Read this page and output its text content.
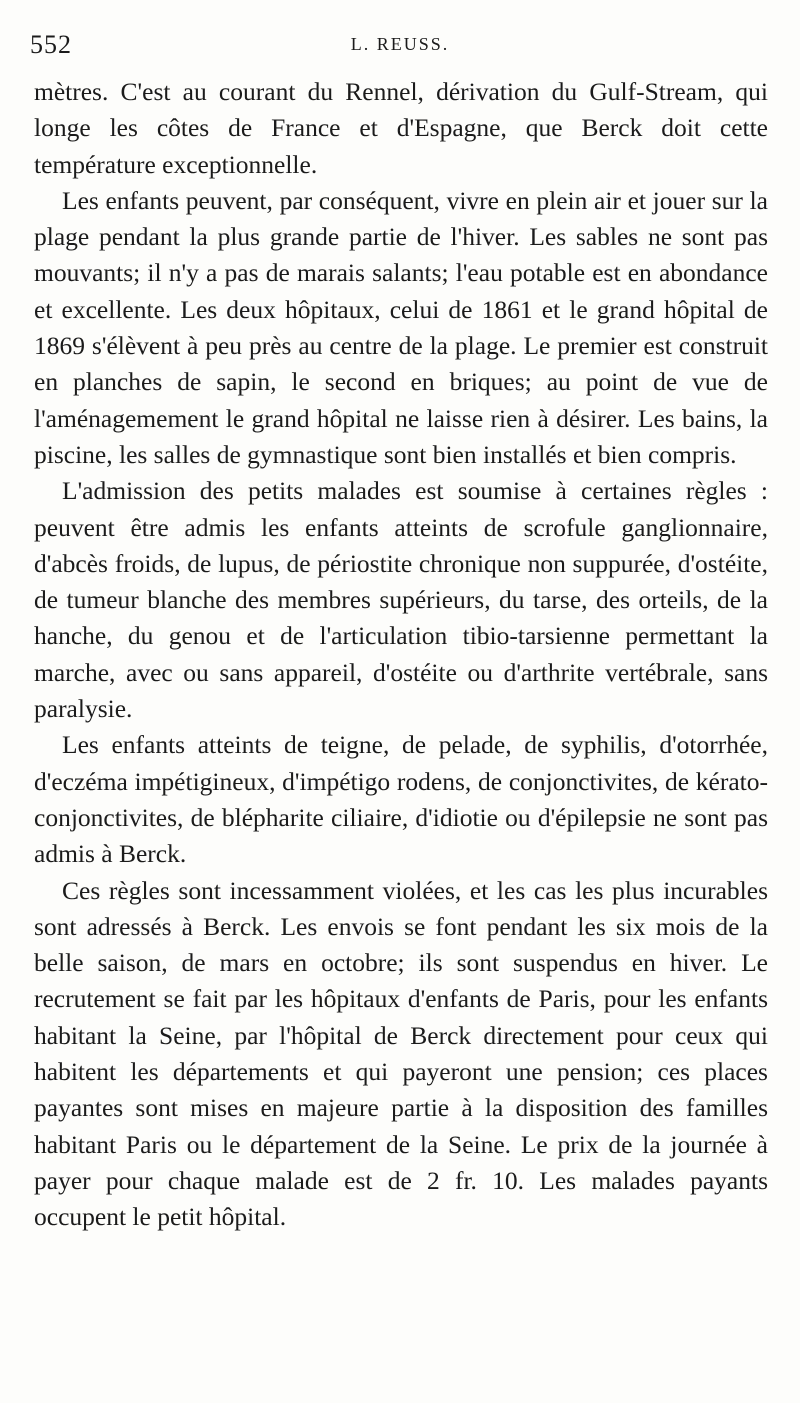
552	L. REUSS.

mètres. C'est au courant du Rennel, dérivation du Gulf-Stream, qui longe les côtes de France et d'Espagne, que Berck doit cette température exceptionnelle.

Les enfants peuvent, par conséquent, vivre en plein air et jouer sur la plage pendant la plus grande partie de l'hiver. Les sables ne sont pas mouvants; il n'y a pas de marais salants; l'eau potable est en abondance et excellente. Les deux hôpitaux, celui de 1861 et le grand hôpital de 1869 s'élèvent à peu près au centre de la plage. Le premier est construit en planches de sapin, le second en briques; au point de vue de l'aménagemement le grand hôpital ne laisse rien à désirer. Les bains, la piscine, les salles de gymnastique sont bien installés et bien compris.

L'admission des petits malades est soumise à certaines règles : peuvent être admis les enfants atteints de scrofule ganglionnaire, d'abcès froids, de lupus, de périostite chronique non suppurée, d'ostéite, de tumeur blanche des membres supérieurs, du tarse, des orteils, de la hanche, du genou et de l'articulation tibio-tarsienne permettant la marche, avec ou sans appareil, d'ostéite ou d'arthrite vertébrale, sans paralysie.

Les enfants atteints de teigne, de pelade, de syphilis, d'otorrhée, d'eczéma impétigineux, d'impétigo rodens, de conjonctivites, de kérato-conjonctivites, de blépharite ciliaire, d'idiotie ou d'épilepsie ne sont pas admis à Berck.

Ces règles sont incessamment violées, et les cas les plus incurables sont adressés à Berck. Les envois se font pendant les six mois de la belle saison, de mars en octobre; ils sont suspendus en hiver. Le recrutement se fait par les hôpitaux d'enfants de Paris, pour les enfants habitant la Seine, par l'hôpital de Berck directement pour ceux qui habitent les départements et qui payeront une pension; ces places payantes sont mises en majeure partie à la disposition des familles habitant Paris ou le département de la Seine. Le prix de la journée à payer pour chaque malade est de 2 fr. 10. Les malades payants occupent le petit hôpital.
